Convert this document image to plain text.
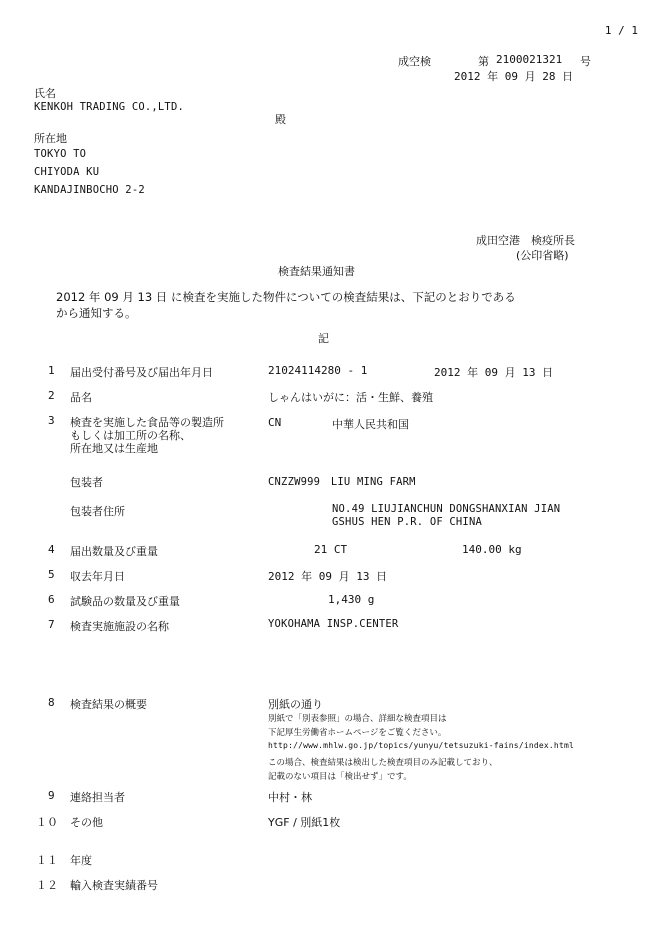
1 / 1
成空検	第 2100021321 号
2012 年 09 月 28 日
氏名
KENKOH TRADING CO.,LTD.
殿
所在地
TOKYO TO
CHIYODA KU
KANDAJINBOCHO 2-2
成田空港　検疫所長
(公印省略)
検査結果通知書
2012 年 09 月 13 日 に検査を実施した物件についての検査結果は、下記のとおりである
から通知する。
記
1 届出受付番号及び届出年月日	21024114280 - 1	2012 年 09 月 13 日
2 品名	しゃんはいがに：活・生鮮、養殖
3 検査を実施した食品等の製造所
もしくは加工所の名称、
所在地又は生産地
CN	中華人民共和国
包装者	CNZZW999　LIU MING FARM
包装者住所	NO.49 LIUJIANCHUN DONGSHANXIAN JIAN
GSHUS HEN P.R. OF CHINA
4 届出数量及び重量	21 CT	140.00 kg
5 収去年月日	2012 年 09 月 13 日
6 試験品の数量及び重量	1,430 g
7 検査実施施設の名称	YOKOHAMA INSP.CENTER
8 検査結果の概要	別紙の通り
別紙で「別表参照」の場合、詳細な検査項目は
下記厚生労働省ホームページをご覧ください。
http://www.mhlw.go.jp/topics/yunyu/tetsuzuki-fains/index.html
この場合、検査結果は検出した検査項目のみ記載しており、
記載のない項目は「検出せず」です。
9 連絡担当者	中村・林
１０ その他	YGF / 別紙1枚
１１ 年度
１２ 輸入検査実績番号
